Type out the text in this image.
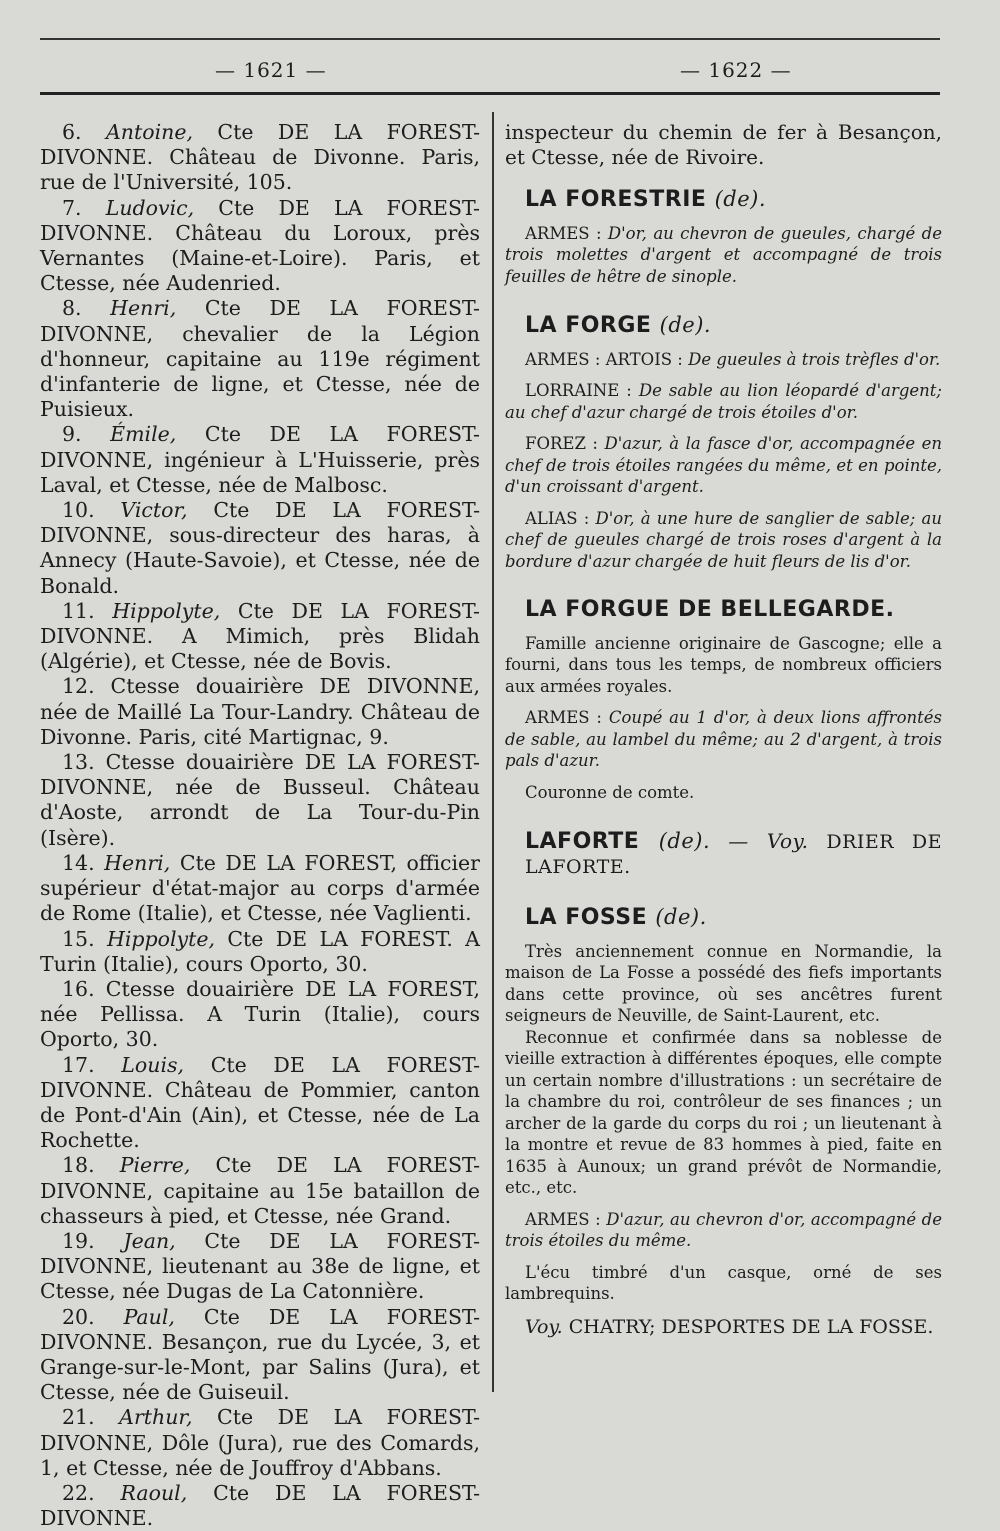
— 1621 —	— 1622 —

6. Antoine, Cte DE LA FOREST-DIVONNE. Château de Divonne. Paris, rue de l'Université, 105.

7. Ludovic, Cte DE LA FOREST-DIVONNE. Château du Loroux, près Vernantes (Maine-et-Loire). Paris, et Ctesse, née Audenried.

8. Henri, Cte DE LA FOREST-DIVONNE, chevalier de la Légion d'honneur, capitaine au 119e régiment d'infanterie de ligne, et Ctesse, née de Puisieux.

9. Émile, Cte DE LA FOREST-DIVONNE, ingénieur à L'Huisserie, près Laval, et Ctesse, née de Malbosc.

10. Victor, Cte DE LA FOREST-DIVONNE, sous-directeur des haras, à Annecy (Haute-Savoie), et Ctesse, née de Bonald.

11. Hippolyte, Cte DE LA FOREST-DIVONNE. A Mimich, près Blidah (Algérie), et Ctesse, née de Bovis.

12. Ctesse douairière DE DIVONNE, née de Maillé La Tour-Landry. Château de Divonne. Paris, cité Martignac, 9.

13. Ctesse douairière DE LA FOREST-DIVONNE, née de Busseul. Château d'Aoste, arrondt de La Tour-du-Pin (Isère).

14. Henri, Cte DE LA FOREST, officier supérieur d'état-major au corps d'armée de Rome (Italie), et Ctesse, née Vaglienti.

15. Hippolyte, Cte DE LA FOREST. A Turin (Italie), cours Oporto, 30.

16. Ctesse douairière DE LA FOREST, née Pellissa. A Turin (Italie), cours Oporto, 30.

17. Louis, Cte DE LA FOREST-DIVONNE. Château de Pommier, canton de Pont-d'Ain (Ain), et Ctesse, née de La Rochette.

18. Pierre, Cte DE LA FOREST-DIVONNE, capitaine au 15e bataillon de chasseurs à pied, et Ctesse, née Grand.

19. Jean, Cte DE LA FOREST-DIVONNE, lieutenant au 38e de ligne, et Ctesse, née Dugas de La Catonnière.

20. Paul, Cte DE LA FOREST-DIVONNE. Besançon, rue du Lycée, 3, et Grange-sur-le-Mont, par Salins (Jura), et Ctesse, née de Guiseuil.

21. Arthur, Cte DE LA FOREST-DIVONNE, Dôle (Jura), rue des Comards, 1, et Ctesse, née de Jouffroy d'Abbans.

22. Raoul, Cte DE LA FOREST-DIVONNE.

inspecteur du chemin de fer à Besançon, et Ctesse, née de Rivoire.

LA FORESTRIE (de).

ARMES : D'or, au chevron de gueules, chargé de trois molettes d'argent et accompagné de trois feuilles de hêtre de sinople.

LA FORGE (de).

ARMES : ARTOIS : De gueules à trois trèfles d'or.

LORRAINE : De sable au lion léopardé d'argent; au chef d'azur chargé de trois étoiles d'or.

FOREZ : D'azur, à la fasce d'or, accompagnée en chef de trois étoiles rangées du même, et en pointe, d'un croissant d'argent.

ALIAS : D'or, à une hure de sanglier de sable; au chef de gueules chargé de trois roses d'argent à la bordure d'azur chargée de huit fleurs de lis d'or.

LA FORGUE DE BELLEGARDE.

Famille ancienne originaire de Gascogne; elle a fourni, dans tous les temps, de nombreux officiers aux armées royales.

ARMES : Coupé au 1 d'or, à deux lions affrontés de sable, au lambel du même; au 2 d'argent, à trois pals d'azur.

Couronne de comte.

LAFORTE (de). — Voy. DRIER DE LAFORTE.

LA FOSSE (de).

Très anciennement connue en Normandie, la maison de La Fosse a possédé des fiefs importants dans cette province, où ses ancêtres furent seigneurs de Neuville, de Saint-Laurent, etc.

Reconnue et confirmée dans sa noblesse de vieille extraction à différentes époques, elle compte un certain nombre d'illustrations : un secrétaire de la chambre du roi, contrôleur de ses finances ; un archer de la garde du corps du roi ; un lieutenant à la montre et revue de 83 hommes à pied, faite en 1635 à Aunoux; un grand prévôt de Normandie, etc., etc.

ARMES : D'azur, au chevron d'or, accompagné de trois étoiles du même.

L'écu timbré d'un casque, orné de ses lambrequins.

Voy. CHATRY; DESPORTES DE LA FOSSE.
